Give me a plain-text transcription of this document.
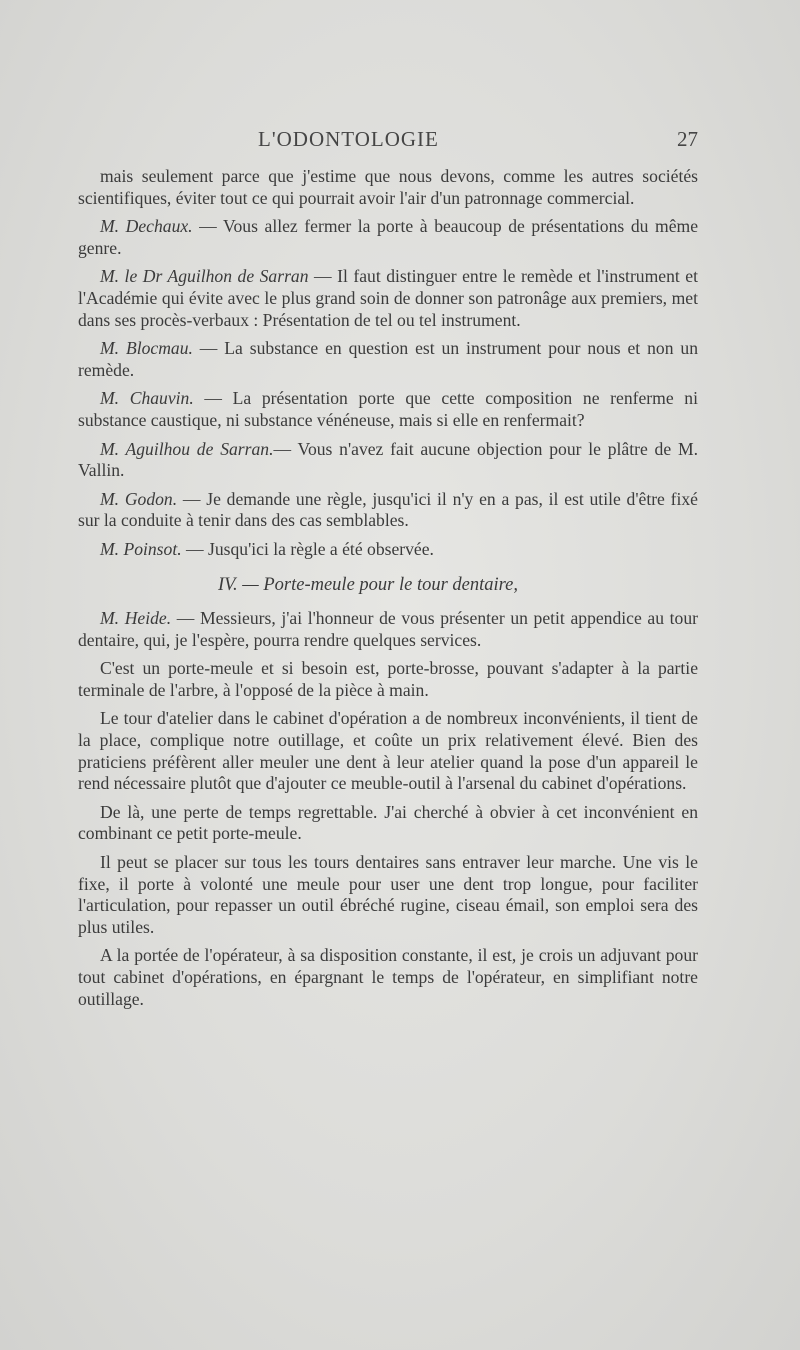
L'ODONTOLOGIE	27

mais seulement parce que j'estime que nous devons, comme les autres sociétés scientifiques, éviter tout ce qui pourrait avoir l'air d'un patronnage commercial.

M. Dechaux. — Vous allez fermer la porte à beaucoup de présentations du même genre.

M. le Dr Aguilhon de Sarran — Il faut distinguer entre le remède et l'instrument et l'Académie qui évite avec le plus grand soin de donner son patronâge aux premiers, met dans ses procès-verbaux : Présentation de tel ou tel instrument.

M. Blocmau. — La substance en question est un instrument pour nous et non un remède.

M. Chauvin. — La présentation porte que cette composition ne renferme ni substance caustique, ni substance vénéneuse, mais si elle en renfermait?

M. Aguilhou de Sarran.— Vous n'avez fait aucune objection pour le plâtre de M. Vallin.

M. Godon. — Je demande une règle, jusqu'ici il n'y en a pas, il est utile d'être fixé sur la conduite à tenir dans des cas semblables.

M. Poinsot. — Jusqu'ici la règle a été observée.

IV. — Porte-meule pour le tour dentaire,

M. Heide. — Messieurs, j'ai l'honneur de vous présenter un petit appendice au tour dentaire, qui, je l'espère, pourra rendre quelques services.

C'est un porte-meule et si besoin est, porte-brosse, pouvant s'adapter à la partie terminale de l'arbre, à l'opposé de la pièce à main.

Le tour d'atelier dans le cabinet d'opération a de nombreux inconvénients, il tient de la place, complique notre outillage, et coûte un prix relativement élevé. Bien des praticiens préfèrent aller meuler une dent à leur atelier quand la pose d'un appareil le rend nécessaire plutôt que d'ajouter ce meuble-outil à l'arsenal du cabinet d'opérations.

De là, une perte de temps regrettable. J'ai cherché à obvier à cet inconvénient en combinant ce petit porte-meule.

Il peut se placer sur tous les tours dentaires sans entraver leur marche. Une vis le fixe, il porte à volonté une meule pour user une dent trop longue, pour faciliter l'articulation, pour repasser un outil ébréché rugine, ciseau émail, son emploi sera des plus utiles.

A la portée de l'opérateur, à sa disposition constante, il est, je crois un adjuvant pour tout cabinet d'opérations, en épargnant le temps de l'opérateur, en simplifiant notre outillage.
